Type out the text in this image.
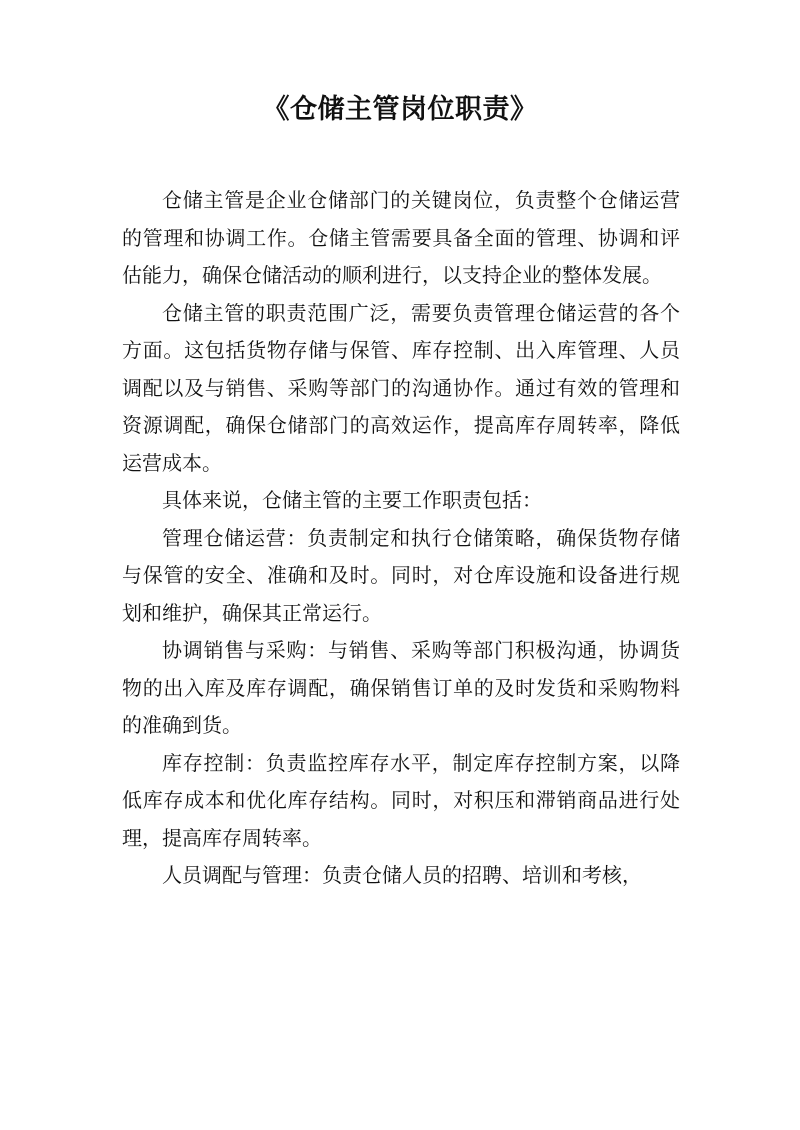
《仓储主管岗位职责》

仓储主管是企业仓储部门的关键岗位，负责整个仓储运营的管理和协调工作。仓储主管需要具备全面的管理、协调和评估能力，确保仓储活动的顺利进行，以支持企业的整体发展。

仓储主管的职责范围广泛，需要负责管理仓储运营的各个方面。这包括货物存储与保管、库存控制、出入库管理、人员调配以及与销售、采购等部门的沟通协作。通过有效的管理和资源调配，确保仓储部门的高效运作，提高库存周转率，降低运营成本。

具体来说，仓储主管的主要工作职责包括：

管理仓储运营：负责制定和执行仓储策略，确保货物存储与保管的安全、准确和及时。同时，对仓库设施和设备进行规划和维护，确保其正常运行。

协调销售与采购：与销售、采购等部门积极沟通，协调货物的出入库及库存调配，确保销售订单的及时发货和采购物料的准确到货。

库存控制：负责监控库存水平，制定库存控制方案，以降低库存成本和优化库存结构。同时，对积压和滞销商品进行处理，提高库存周转率。

人员调配与管理：负责仓储人员的招聘、培训和考核，
